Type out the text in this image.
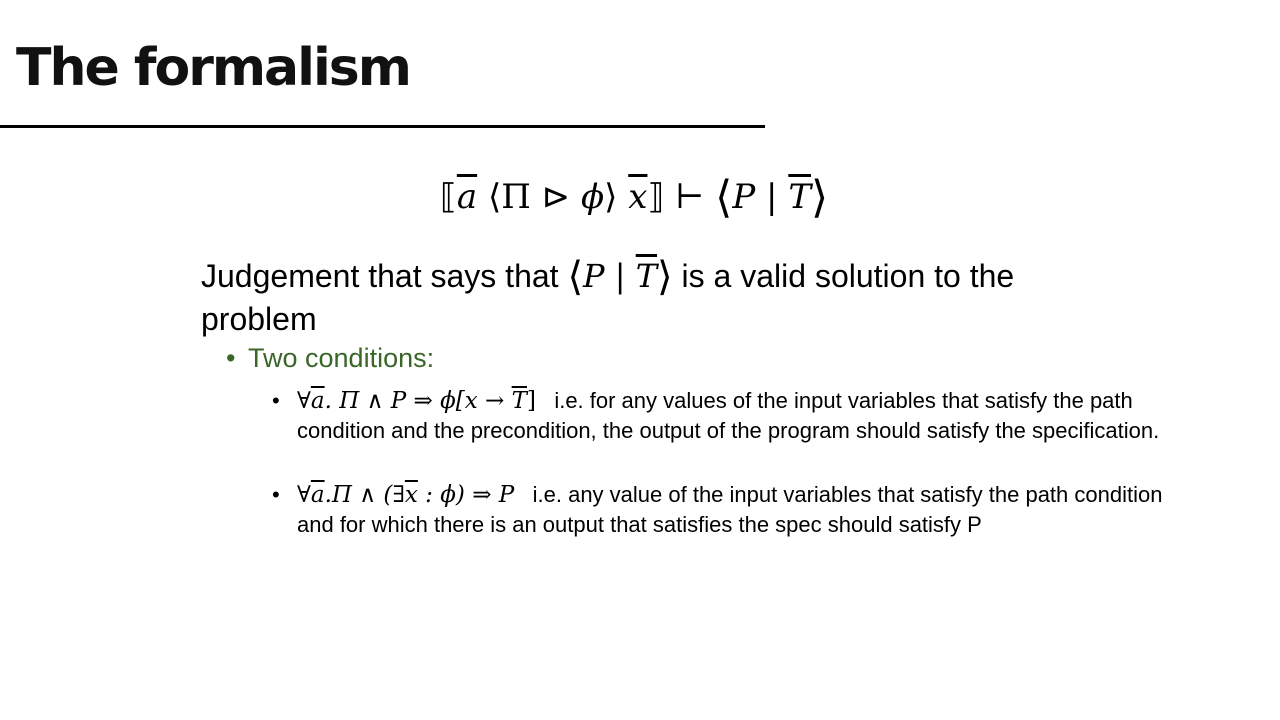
The formalism
$⟦\overline{a}$ ⟨Π ⊳ ϕ⟩ $\overline{x}⟧$ ⊢ ⟨P | $\overline{T}⟩$
Judgement that says that ⟨P | $\overline{T}⟩$ is a valid solution to the problem
• Two conditions:
• $\forall\overline{a}$. Π ∧ P ⇒ $\phi[x \to \overline{T}]$ i.e. for any values of the input variables that satisfy the path condition and the precondition, the output of the program should satisfy the specification.
• $\forall\overline{a}.\Pi$ ∧ ($\exists\overline{x}$ : ϕ) ⇒ P i.e. any value of the input variables that satisfy the path condition and for which there is an output that satisfies the spec should satisfy P
